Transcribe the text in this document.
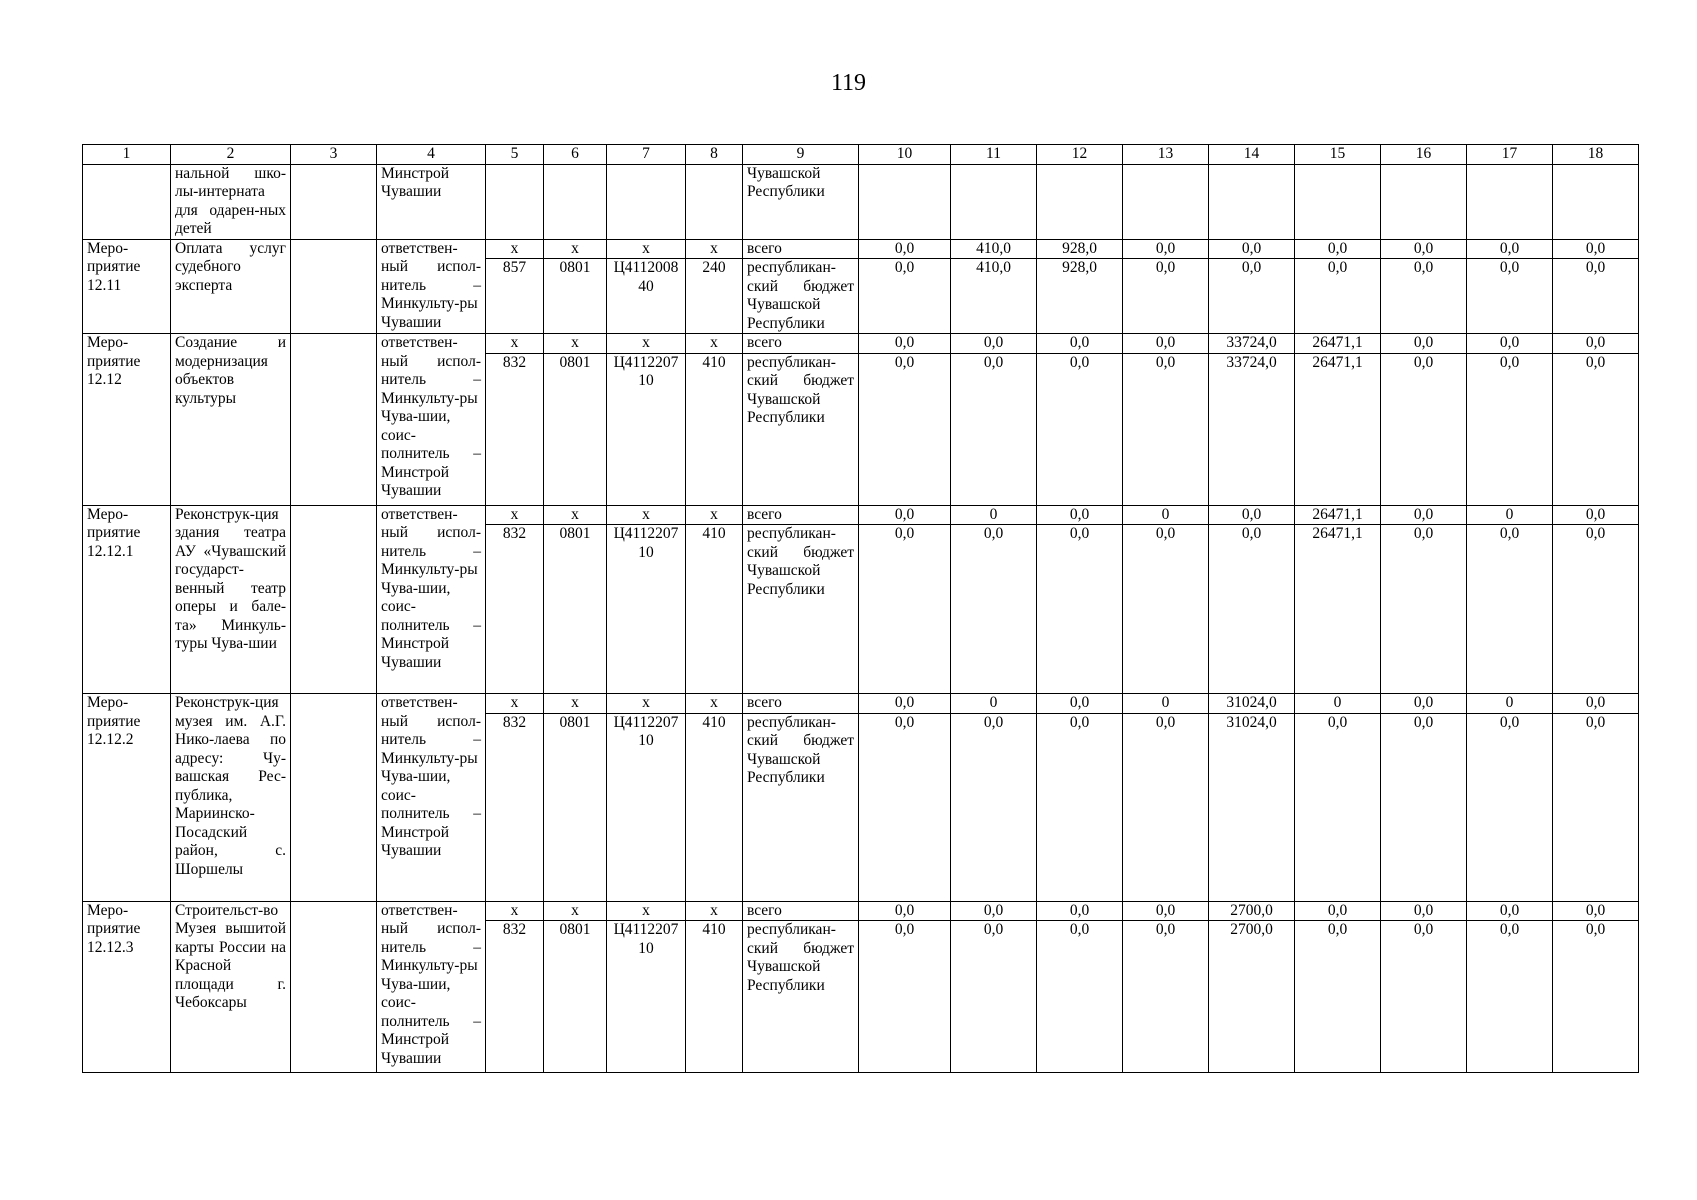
119
1	2	3	4	5	6	7	8	9	10	11	12	13	14	15	16	17	18
	нальной шко-лы-интерната для одарен-ных детей		Минстрой Чувашии					Чувашской Республики									
Меро-приятие 12.11	Оплата услуг судебного эксперта		ответствен-ный испол-нитель – Минкульту-ры Чувашии	x	x	x	x	всего	0,0	410,0	928,0	0,0	0,0	0,0	0,0	0,0	0,0
				857	0801	Ц411200840	240	республикан-ский бюджет Чувашской Республики	0,0	410,0	928,0	0,0	0,0	0,0	0,0	0,0	0,0
Меро-приятие 12.12	Создание и модернизация объектов культуры		ответствен-ный испол-нитель – Минкульту-ры Чува-шии, соис-полнитель – Минстрой Чувашии	x	x	x	x	всего	0,0	0,0	0,0	0,0	33724,0	26471,1	0,0	0,0	0,0
				832	0801	Ц411220710	410	республикан-ский бюджет Чувашской Республики	0,0	0,0	0,0	0,0	33724,0	26471,1	0,0	0,0	0,0
Меро-приятие 12.12.1	Реконструк-ция здания театра АУ «Чувашский государст-венный театр оперы и бале-та» Минкуль-туры Чува-шии		ответствен-ный испол-нитель – Минкульту-ры Чува-шии, соис-полнитель – Минстрой Чувашии	x	x	x	x	всего	0,0	0	0,0	0	0,0	26471,1	0,0	0	0,0
				832	0801	Ц411220710	410	республикан-ский бюджет Чувашской Республики	0,0	0,0	0,0	0,0	0,0	26471,1	0,0	0,0	0,0
Меро-приятие 12.12.2	Реконструк-ция музея им. А.Г. Нико-лаева по адресу: Чу-вашская Рес-публика, Мариинско-Посадский район, с. Шоршелы		ответствен-ный испол-нитель – Минкульту-ры Чува-шии, соис-полнитель – Минстрой Чувашии	x	x	x	x	всего	0,0	0	0,0	0	31024,0	0	0,0	0	0,0
				832	0801	Ц411220710	410	республикан-ский бюджет Чувашской Республики	0,0	0,0	0,0	0,0	31024,0	0,0	0,0	0,0	0,0
Меро-приятие 12.12.3	Строительст-во Музея вышитой карты России на Красной площади г. Чебоксары		ответствен-ный испол-нитель – Минкульту-ры Чува-шии, соис-полнитель – Минстрой Чувашии	x	x	x	x	всего	0,0	0,0	0,0	0,0	2700,0	0,0	0,0	0,0	0,0
				832	0801	Ц411220710	410	республикан-ский бюджет Чувашской Республики	0,0	0,0	0,0	0,0	2700,0	0,0	0,0	0,0	0,0
